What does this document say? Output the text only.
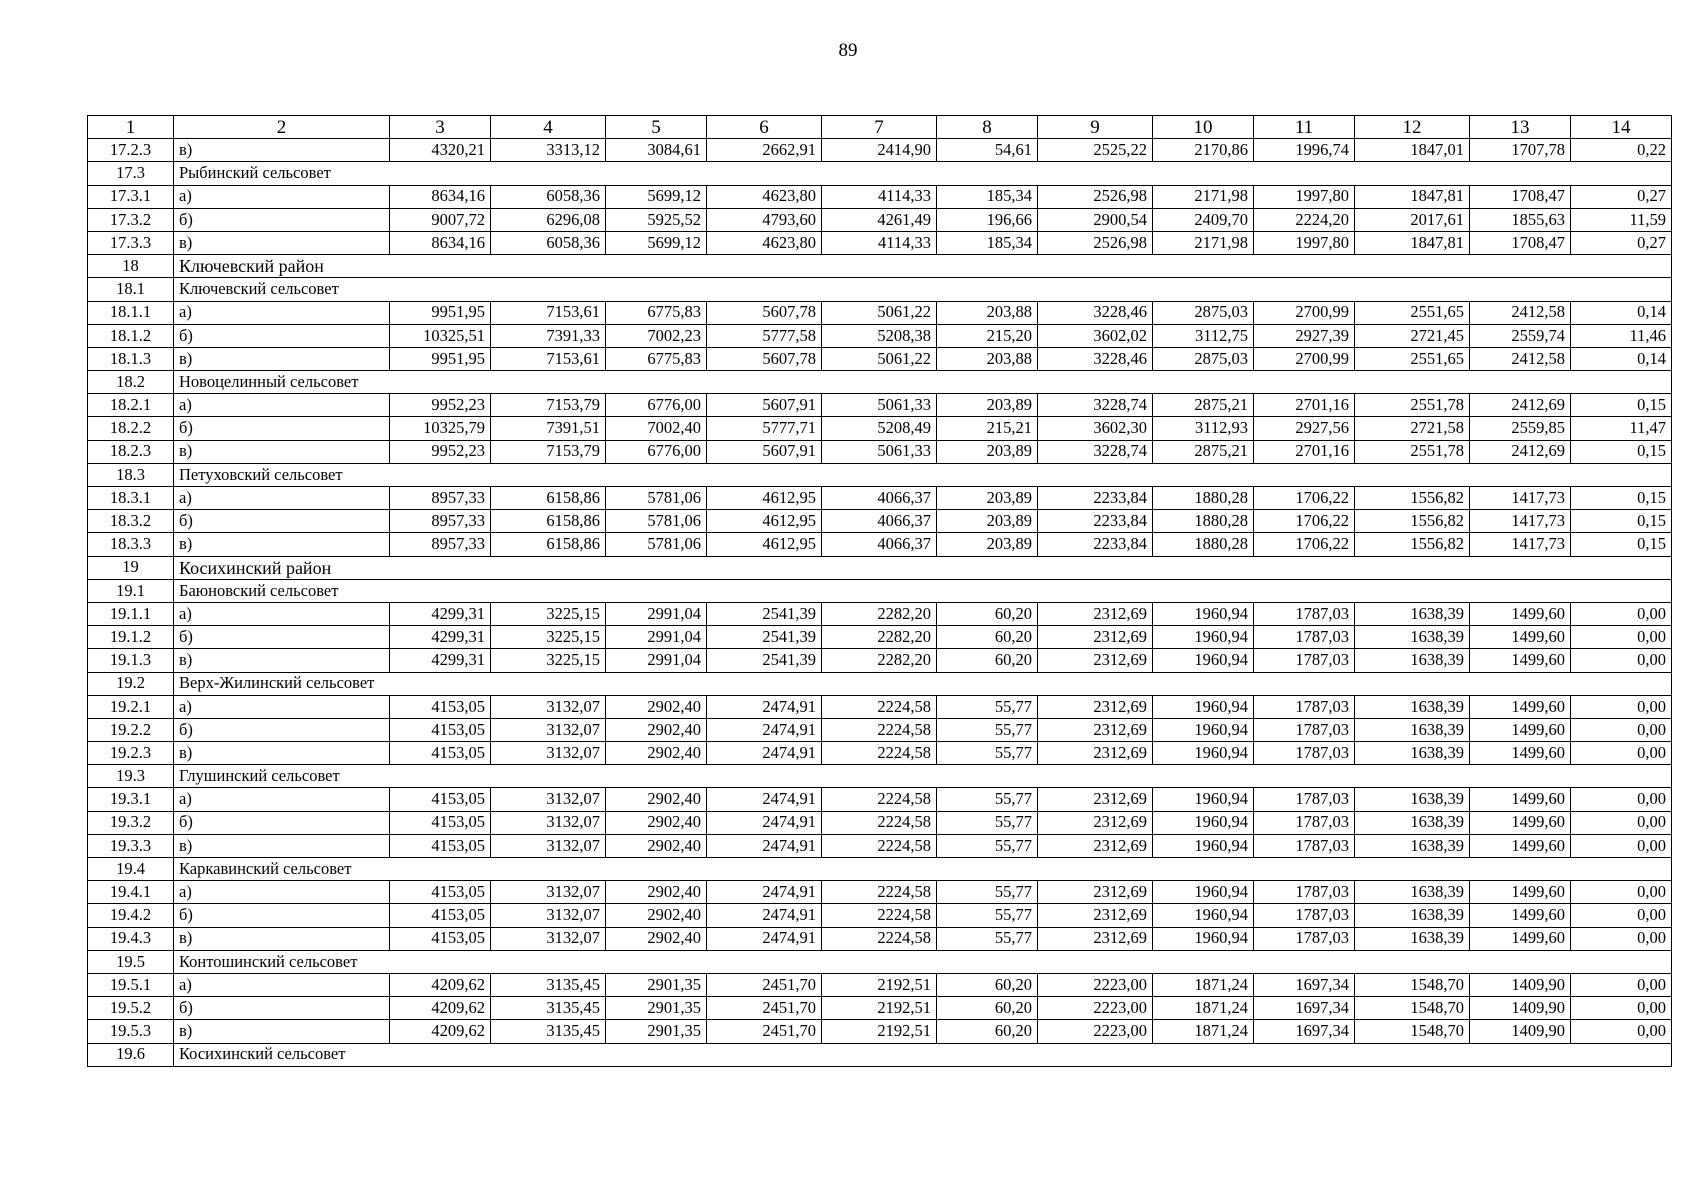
89
1	2	3	4	5	6	7	8	9	10	11	12	13	14
17.2.3	в)	4320,21	3313,12	3084,61	2662,91	2414,90	54,61	2525,22	2170,86	1996,74	1847,01	1707,78	0,22
17.3	Рыбинский сельсовет												
17.3.1	а)	8634,16	6058,36	5699,12	4623,80	4114,33	185,34	2526,98	2171,98	1997,80	1847,81	1708,47	0,27
17.3.2	б)	9007,72	6296,08	5925,52	4793,60	4261,49	196,66	2900,54	2409,70	2224,20	2017,61	1855,63	11,59
17.3.3	в)	8634,16	6058,36	5699,12	4623,80	4114,33	185,34	2526,98	2171,98	1997,80	1847,81	1708,47	0,27
18	Ключевский район												
18.1	Ключевский сельсовет												
18.1.1	а)	9951,95	7153,61	6775,83	5607,78	5061,22	203,88	3228,46	2875,03	2700,99	2551,65	2412,58	0,14
18.1.2	б)	10325,51	7391,33	7002,23	5777,58	5208,38	215,20	3602,02	3112,75	2927,39	2721,45	2559,74	11,46
18.1.3	в)	9951,95	7153,61	6775,83	5607,78	5061,22	203,88	3228,46	2875,03	2700,99	2551,65	2412,58	0,14
18.2	Новоцелинный сельсовет												
18.2.1	а)	9952,23	7153,79	6776,00	5607,91	5061,33	203,89	3228,74	2875,21	2701,16	2551,78	2412,69	0,15
18.2.2	б)	10325,79	7391,51	7002,40	5777,71	5208,49	215,21	3602,30	3112,93	2927,56	2721,58	2559,85	11,47
18.2.3	в)	9952,23	7153,79	6776,00	5607,91	5061,33	203,89	3228,74	2875,21	2701,16	2551,78	2412,69	0,15
18.3	Петуховский сельсовет												
18.3.1	а)	8957,33	6158,86	5781,06	4612,95	4066,37	203,89	2233,84	1880,28	1706,22	1556,82	1417,73	0,15
18.3.2	б)	8957,33	6158,86	5781,06	4612,95	4066,37	203,89	2233,84	1880,28	1706,22	1556,82	1417,73	0,15
18.3.3	в)	8957,33	6158,86	5781,06	4612,95	4066,37	203,89	2233,84	1880,28	1706,22	1556,82	1417,73	0,15
19	Косихинский район												
19.1	Баюновский сельсовет												
19.1.1	а)	4299,31	3225,15	2991,04	2541,39	2282,20	60,20	2312,69	1960,94	1787,03	1638,39	1499,60	0,00
19.1.2	б)	4299,31	3225,15	2991,04	2541,39	2282,20	60,20	2312,69	1960,94	1787,03	1638,39	1499,60	0,00
19.1.3	в)	4299,31	3225,15	2991,04	2541,39	2282,20	60,20	2312,69	1960,94	1787,03	1638,39	1499,60	0,00
19.2	Верх-Жилинский сельсовет												
19.2.1	а)	4153,05	3132,07	2902,40	2474,91	2224,58	55,77	2312,69	1960,94	1787,03	1638,39	1499,60	0,00
19.2.2	б)	4153,05	3132,07	2902,40	2474,91	2224,58	55,77	2312,69	1960,94	1787,03	1638,39	1499,60	0,00
19.2.3	в)	4153,05	3132,07	2902,40	2474,91	2224,58	55,77	2312,69	1960,94	1787,03	1638,39	1499,60	0,00
19.3	Глушинский сельсовет												
19.3.1	а)	4153,05	3132,07	2902,40	2474,91	2224,58	55,77	2312,69	1960,94	1787,03	1638,39	1499,60	0,00
19.3.2	б)	4153,05	3132,07	2902,40	2474,91	2224,58	55,77	2312,69	1960,94	1787,03	1638,39	1499,60	0,00
19.3.3	в)	4153,05	3132,07	2902,40	2474,91	2224,58	55,77	2312,69	1960,94	1787,03	1638,39	1499,60	0,00
19.4	Каркавинский сельсовет												
19.4.1	а)	4153,05	3132,07	2902,40	2474,91	2224,58	55,77	2312,69	1960,94	1787,03	1638,39	1499,60	0,00
19.4.2	б)	4153,05	3132,07	2902,40	2474,91	2224,58	55,77	2312,69	1960,94	1787,03	1638,39	1499,60	0,00
19.4.3	в)	4153,05	3132,07	2902,40	2474,91	2224,58	55,77	2312,69	1960,94	1787,03	1638,39	1499,60	0,00
19.5	Контошинский сельсовет												
19.5.1	а)	4209,62	3135,45	2901,35	2451,70	2192,51	60,20	2223,00	1871,24	1697,34	1548,70	1409,90	0,00
19.5.2	б)	4209,62	3135,45	2901,35	2451,70	2192,51	60,20	2223,00	1871,24	1697,34	1548,70	1409,90	0,00
19.5.3	в)	4209,62	3135,45	2901,35	2451,70	2192,51	60,20	2223,00	1871,24	1697,34	1548,70	1409,90	0,00
19.6	Косихинский сельсовет												
